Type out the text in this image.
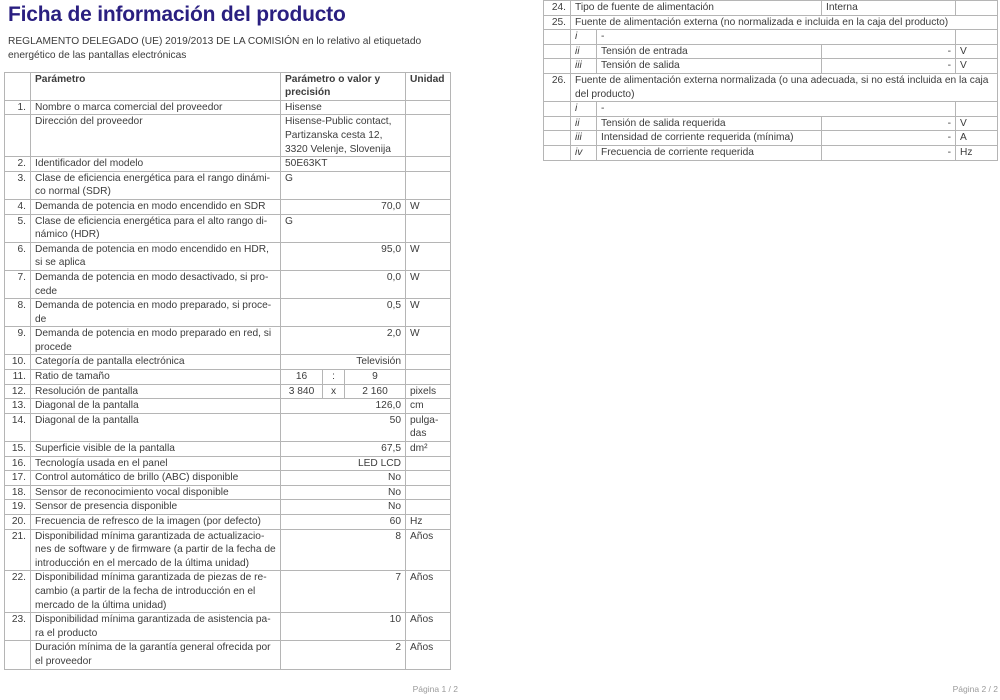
Ficha de información del producto

REGLAMENTO DELEGADO (UE) 2019/2013 DE LA COMISIÓN en lo relativo al etiquetado energético de las pantallas electrónicas

	Parámetro	Parámetro o valor y precisión			Unidad
1.	Nombre o marca comercial del proveedor	Hisense			
	Dirección del proveedor	Hisense-Public contact, Partizanska cesta 12, 3320 Velenje, Slovenija			
2.	Identificador del modelo	50E63KT			
3.	Clase de eficiencia energética para el rango dinámico normal (SDR)	G			
4.	Demanda de potencia en modo encendido en SDR	70,0			W
5.	Clase de eficiencia energética para el alto rango dinámico (HDR)	G			
6.	Demanda de potencia en modo encendido en HDR, si se aplica	95,0			W
7.	Demanda de potencia en modo desactivado, si procede	0,0			W
8.	Demanda de potencia en modo preparado, si procede	0,5			W
9.	Demanda de potencia en modo preparado en red, si procede	2,0			W
10.	Categoría de pantalla electrónica	Televisión			
11.	Ratio de tamaño	16	:	9	
12.	Resolución de pantalla	3 840	x	2 160	pixels
13.	Diagonal de la pantalla	126,0			cm
14.	Diagonal de la pantalla	50			pulgadas
15.	Superficie visible de la pantalla	67,5			dm²
16.	Tecnología usada en el panel	LED LCD			
17.	Control automático de brillo (ABC) disponible	No			
18.	Sensor de reconocimiento vocal disponible	No			
19.	Sensor de presencia disponible	No			
20.	Frecuencia de refresco de la imagen (por defecto)	60			Hz
21.	Disponibilidad mínima garantizada de actualizaciones de software y de firmware (a partir de la fecha de introducción en el mercado de la última unidad)	8			Años
22.	Disponibilidad mínima garantizada de piezas de recambio (a partir de la fecha de introducción en el mercado de la última unidad)	7			Años
23.	Disponibilidad mínima garantizada de asistencia para el producto	10			Años
	Duración mínima de la garantía general ofrecida por el proveedor	2			Años
24.	Tipo de fuente de alimentación		Interna	
25.	Fuente de alimentación externa (no normalizada e incluida en la caja del producto)			
	i	-		
	ii	Tensión de entrada	-	V
	iii	Tensión de salida	-	V
26.	Fuente de alimentación externa normalizada (o una adecuada, si no está incluida en la caja del producto)			
	i	-		
	ii	Tensión de salida requerida	-	V
	iii	Intensidad de corriente requerida (mínima)	-	A
	iv	Frecuencia de corriente requerida	-	Hz
Página 1 / 2	Página 2 / 2
